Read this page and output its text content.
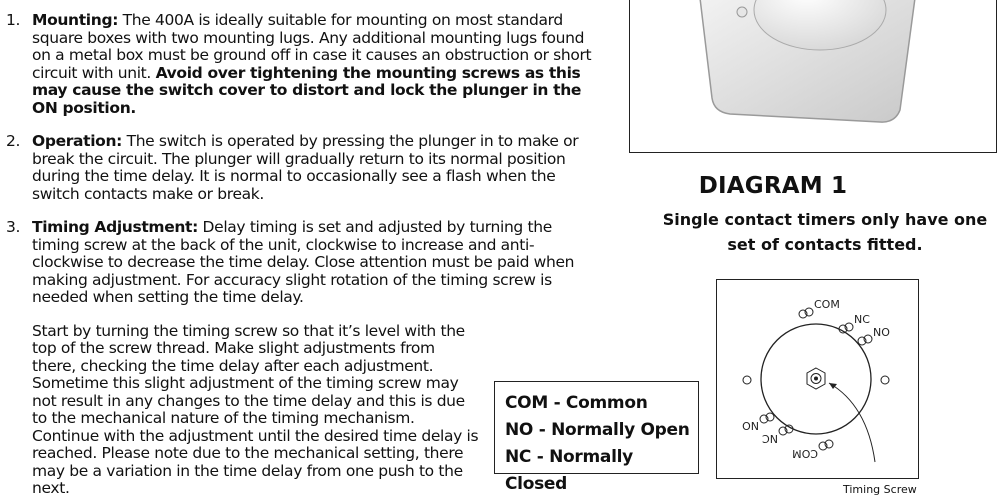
1. Mounting: The 400A is ideally suitable for mounting on most standard square boxes with two mounting lugs. Any additional mounting lugs found on a metal box must be ground off in case it causes an obstruction or short circuit with unit. Avoid over tightening the mounting screws as this may cause the switch cover to distort and lock the plunger in the ON position.
2. Operation: The switch is operated by pressing the plunger in to make or break the circuit. The plunger will gradually return to its normal position during the time delay. It is normal to occasionally see a flash when the switch contacts make or break.
3. Timing Adjustment: Delay timing is set and adjusted by turning the timing screw at the back of the unit, clockwise to increase and anti-clockwise to decrease the time delay. Close attention must be paid when making adjustment. For accuracy slight rotation of the timing screw is needed when setting the time delay.
Start by turning the timing screw so that it’s level with the top of the screw thread. Make slight adjustments from there, checking the time delay after each adjustment. Sometime this slight adjustment of the timing screw may not result in any changes to the time delay and this is due to the mechanical nature of the timing mechanism. Continue with the adjustment until the desired time delay is reached. Please note due to the mechanical setting, there may be a variation in the time delay from one push to the next.
COM - Common
NO - Normally Open
NC - Normally Closed
DIAGRAM 1
Single contact timers only have one
set of contacts fitted.
COM
NC
NO
COM
NC
NO
Timing Screw
